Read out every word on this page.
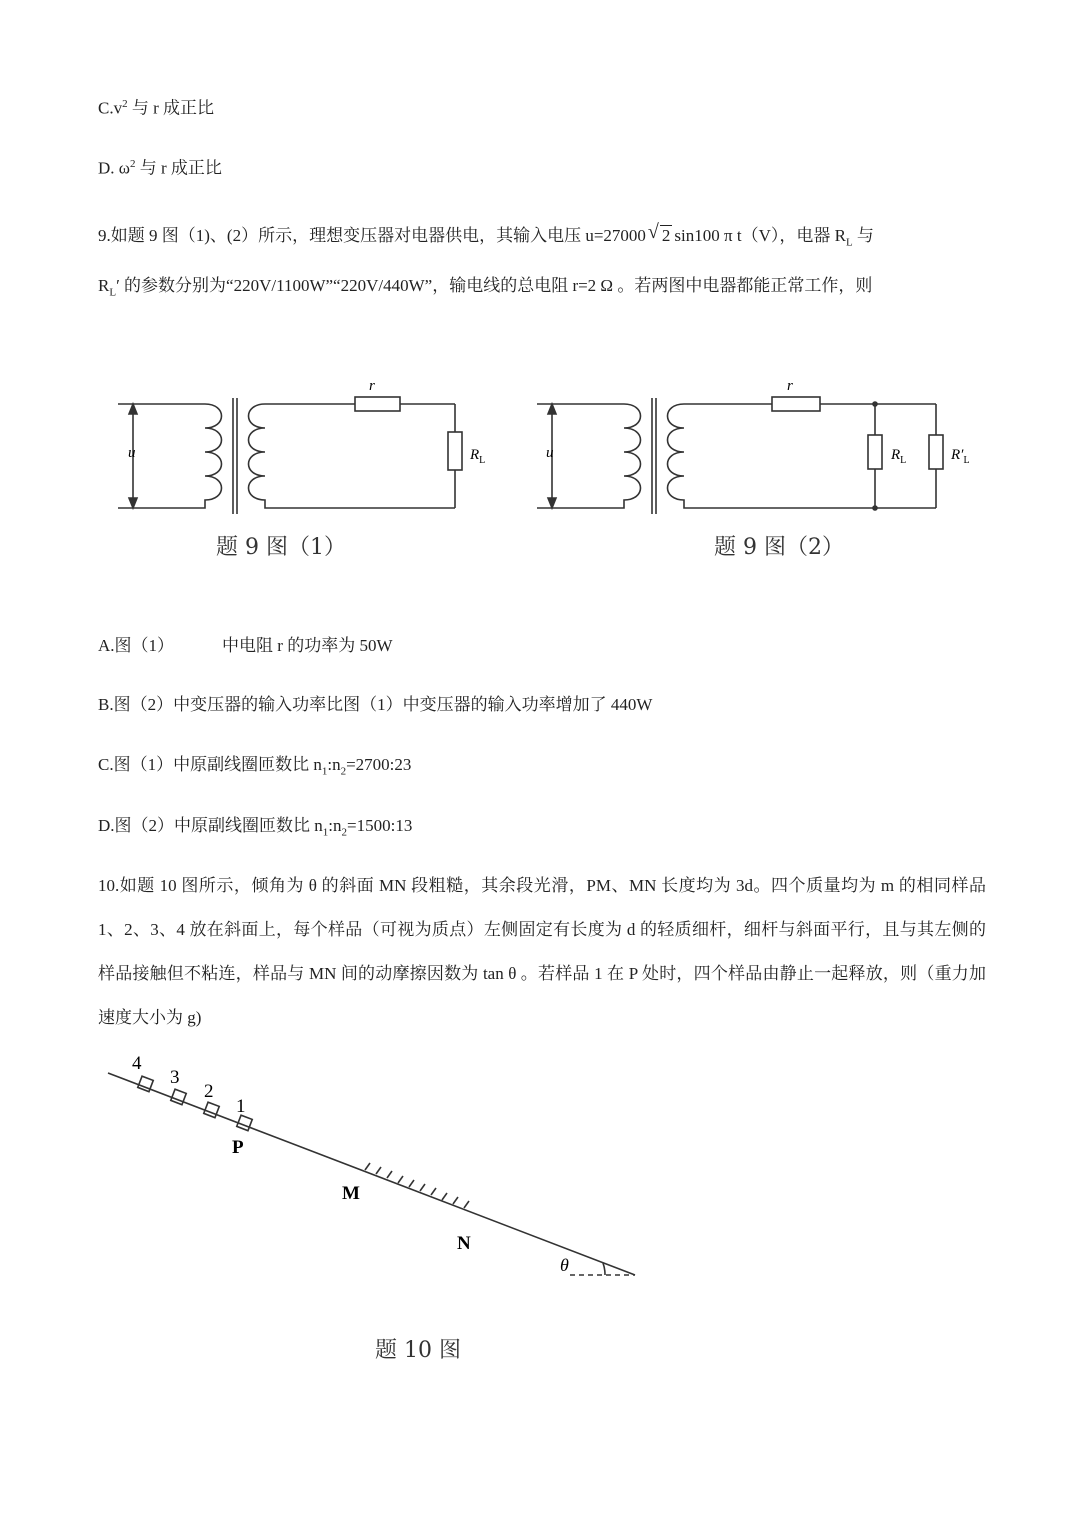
$C.v^2$ 与 r 成正比
D. $\omega^2$ 与 r 成正比
9.如题 9 图（1)、(2）所示，理想变压器对电器供电，其输入电压 u=27000√ 2 sin100 π t（V），电器 $R_L$ 与
$R_L'$ 的参数分别为“220V/1100W”“220V/440W”，输电线的总电阻 r=2 Ω 。若两图中电器都能正常工作，则
u
r
$R_L$
题 9 图（1）
u
r
$R_L$	$R'_L$
题 9 图（2）
A.图（1）	中电阻 r 的功率为 50W
B.图（2）中变压器的输入功率比图（1）中变压器的输入功率增加了 440W
C.图（1）中原副线圈匝数比 $n_1:n_2=2700:23$
D.图（2）中原副线圈匝数比 $n_1:n_2=1500:13$
10.如题 10 图所示，倾角为 θ 的斜面 MN 段粗糙，其余段光滑，PM、MN 长度均为 3d。四个质量均为 m 的相同样品 1、2、3、4 放在斜面上，每个样品（可视为质点）左侧固定有长度为 d 的轻质细杆，细杆与斜面平行，且与其左侧的样品接触但不粘连，样品与 MN 间的动摩擦因数为 tan θ 。若样品 1 在 P 处时，四个样品由静止一起释放，则（重力加速度大小为 g)
4
3
2
1
P
M
N
θ
题 10 图
